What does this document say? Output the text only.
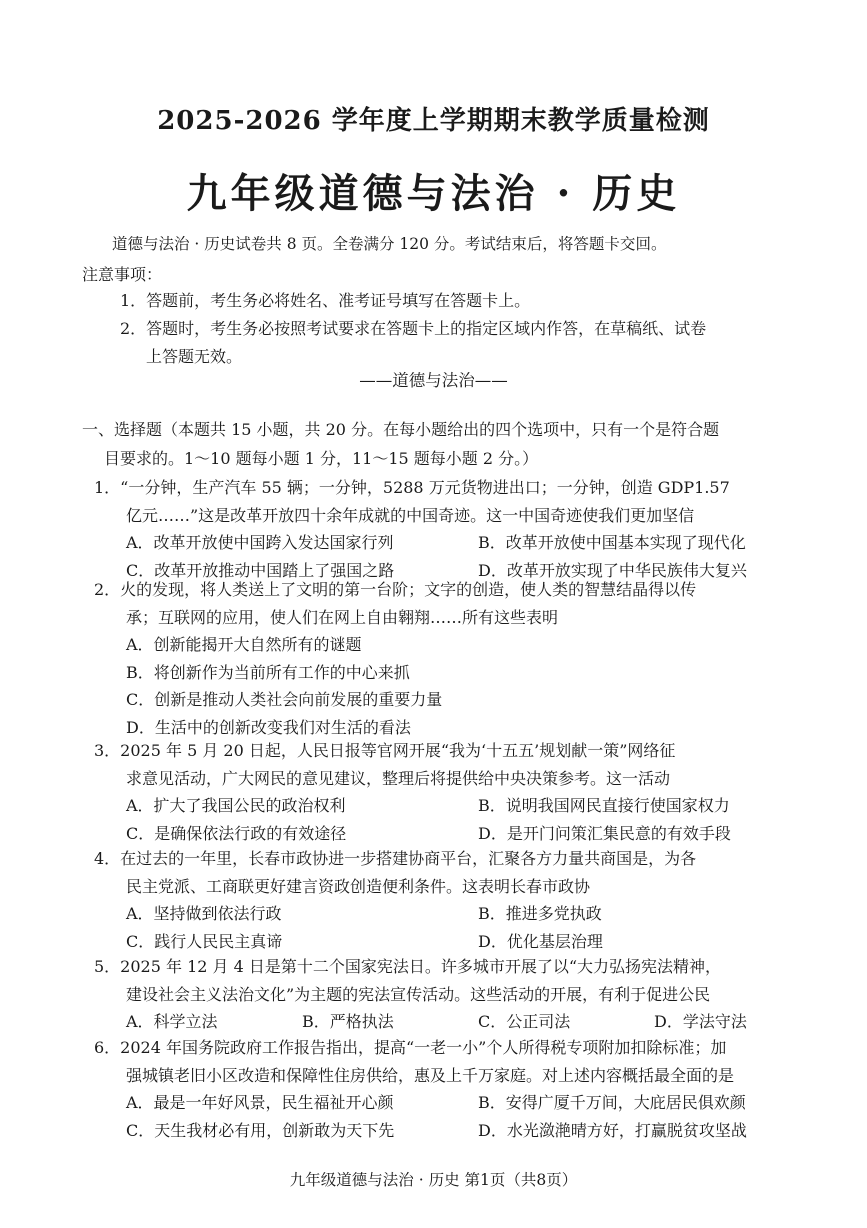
2025-2026 学年度上学期期末教学质量检测
九年级道德与法治 · 历史
道德与法治 · 历史试卷共 8 页。全卷满分 120 分。考试结束后，将答题卡交回。
注意事项：
1．答题前，考生务必将姓名、准考证号填写在答题卡上。
2．答题时，考生务必按照考试要求在答题卡上的指定区域内作答，在草稿纸、试卷
上答题无效。
——道德与法治——
一、选择题（本题共 15 小题，共 20 分。在每小题给出的四个选项中，只有一个是符合题
目要求的。1～10 题每小题 1 分，11～15 题每小题 2 分。）
1．“一分钟，生产汽车 55 辆；一分钟，5288 万元货物进出口；一分钟，创造 GDP1.57
亿元……”这是改革开放四十余年成就的中国奇迹。这一中国奇迹使我们更加坚信
A．改革开放使中国跨入发达国家行列	B．改革开放使中国基本实现了现代化
C．改革开放推动中国踏上了强国之路	D．改革开放实现了中华民族伟大复兴
2．火的发现，将人类送上了文明的第一台阶；文字的创造，使人类的智慧结晶得以传
承；互联网的应用，使人们在网上自由翱翔……所有这些表明
A．创新能揭开大自然所有的谜题
B．将创新作为当前所有工作的中心来抓
C．创新是推动人类社会向前发展的重要力量
D．生活中的创新改变我们对生活的看法
3．2025 年 5 月 20 日起，人民日报等官网开展“我为‘十五五’规划献一策”网络征
求意见活动，广大网民的意见建议，整理后将提供给中央决策参考。这一活动
A．扩大了我国公民的政治权利	B．说明我国网民直接行使国家权力
C．是确保依法行政的有效途径	D．是开门问策汇集民意的有效手段
4．在过去的一年里，长春市政协进一步搭建协商平台，汇聚各方力量共商国是，为各
民主党派、工商联更好建言资政创造便利条件。这表明长春市政协
A．坚持做到依法行政	B．推进多党执政
C．践行人民民主真谛	D．优化基层治理
5．2025 年 12 月 4 日是第十二个国家宪法日。许多城市开展了以“大力弘扬宪法精神，
建设社会主义法治文化”为主题的宪法宣传活动。这些活动的开展，有利于促进公民
A．科学立法	B．严格执法	C．公正司法	D．学法守法
6．2024 年国务院政府工作报告指出，提高“一老一小”个人所得税专项附加扣除标准；加
强城镇老旧小区改造和保障性住房供给，惠及上千万家庭。对上述内容概括最全面的是
A．最是一年好风景，民生福祉开心颜	B．安得广厦千万间，大庇居民俱欢颜
C．天生我材必有用，创新敢为天下先	D．水光潋滟晴方好，打赢脱贫攻坚战
九年级道德与法治 · 历史 第1页（共8页）
